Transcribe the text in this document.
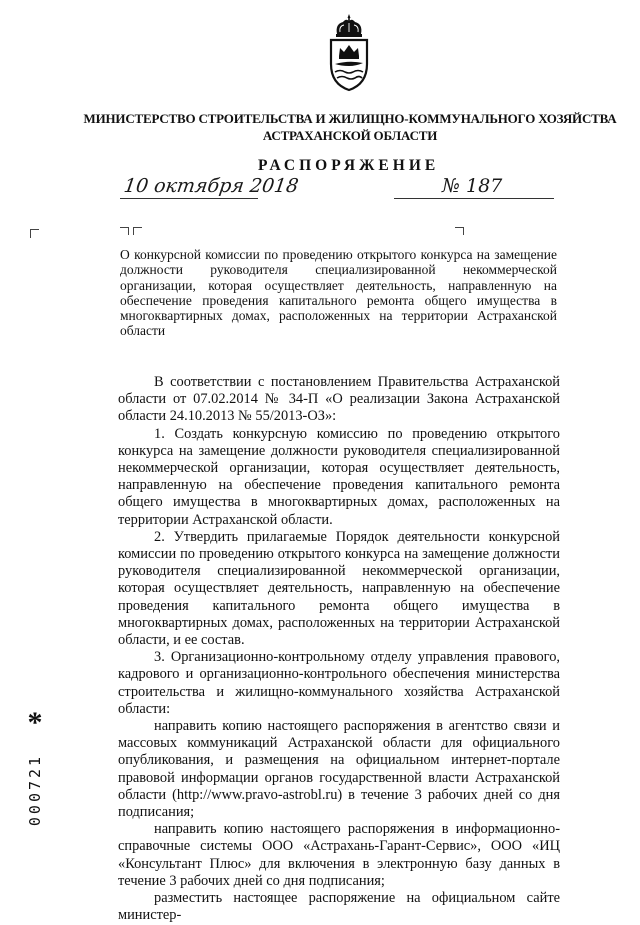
МИНИСТЕРСТВО СТРОИТЕЛЬСТВА И ЖИЛИЩНО-КОММУНАЛЬНОГО ХОЗЯЙСТВА
АСТРАХАНСКОЙ ОБЛАСТИ
РАСПОРЯЖЕНИЕ
10 октября 2018	№ 187
О конкурсной комиссии по проведению открытого конкурса на замещение должности руководителя специализированной некоммерческой организации, которая осуществляет деятельность, направленную на обеспечение проведения капитального ремонта общего имущества в многоквартирных домах, расположенных на территории Астраханской области

В соответствии с постановлением Правительства Астраханской области от 07.02.2014 № 34-П «О реализации Закона Астраханской области 24.10.2013 № 55/2013-ОЗ»:

1. Создать конкурсную комиссию по проведению открытого конкурса на замещение должности руководителя специализированной некоммерческой организации, которая осуществляет деятельность, направленную на обеспечение проведения капитального ремонта общего имущества в многоквартирных домах, расположенных на территории Астраханской области.

2. Утвердить прилагаемые Порядок деятельности конкурсной комиссии по проведению открытого конкурса на замещение должности руководителя специализированной некоммерческой организации, которая осуществляет деятельность, направленную на обеспечение проведения капитального ремонта общего имущества в многоквартирных домах, расположенных на территории Астраханской области, и ее состав.

3. Организационно-контрольному отделу управления правового, кадрового и организационно-контрольного обеспечения министерства строительства и жилищно-коммунального хозяйства Астраханской области:

направить копию настоящего распоряжения в агентство связи и массовых коммуникаций Астраханской области для официального опубликования, и размещения на официальном интернет-портале правовой информации органов государственной власти Астраханской области (http://www.pravo-astrobl.ru) в течение 3 рабочих дней со дня подписания;

направить копию настоящего распоряжения в информационно-справочные системы ООО «Астрахань-Гарант-Сервис», ООО «ИЦ «Консультант Плюс» для включения в электронную базу данных в течение 3 рабочих дней со дня подписания;

разместить настоящее распоряжение на официальном сайте министер-

*
000721
